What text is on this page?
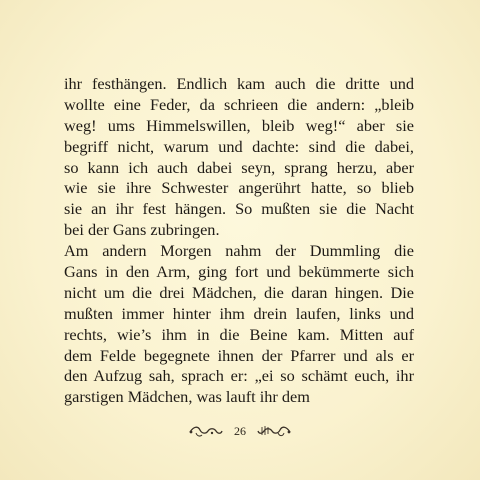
ihr festhängen. Endlich kam auch die dritte und
wollte eine Feder, da schrieen die andern: „bleib
weg! ums Himmelswillen, bleib weg!“ aber sie
begriff nicht, warum und dachte: sind die dabei,
so kann ich auch dabei seyn, sprang herzu, aber
wie sie ihre Schwester angerührt hatte, so blieb
sie an ihr fest hängen. So mußten sie die Nacht
bei der Gans zubringen.

Am andern Morgen nahm der Dummling die
Gans in den Arm, ging fort und bekümmerte sich
nicht um die drei Mädchen, die daran hingen. Die
mußten immer hinter ihm drein laufen, links und
rechts, wie’s ihm in die Beine kam. Mitten auf
dem Felde begegnete ihnen der Pfarrer und als er
den Aufzug sah, sprach er: „ei so schämt euch, ihr
garstigen Mädchen, was lauft ihr dem

26
